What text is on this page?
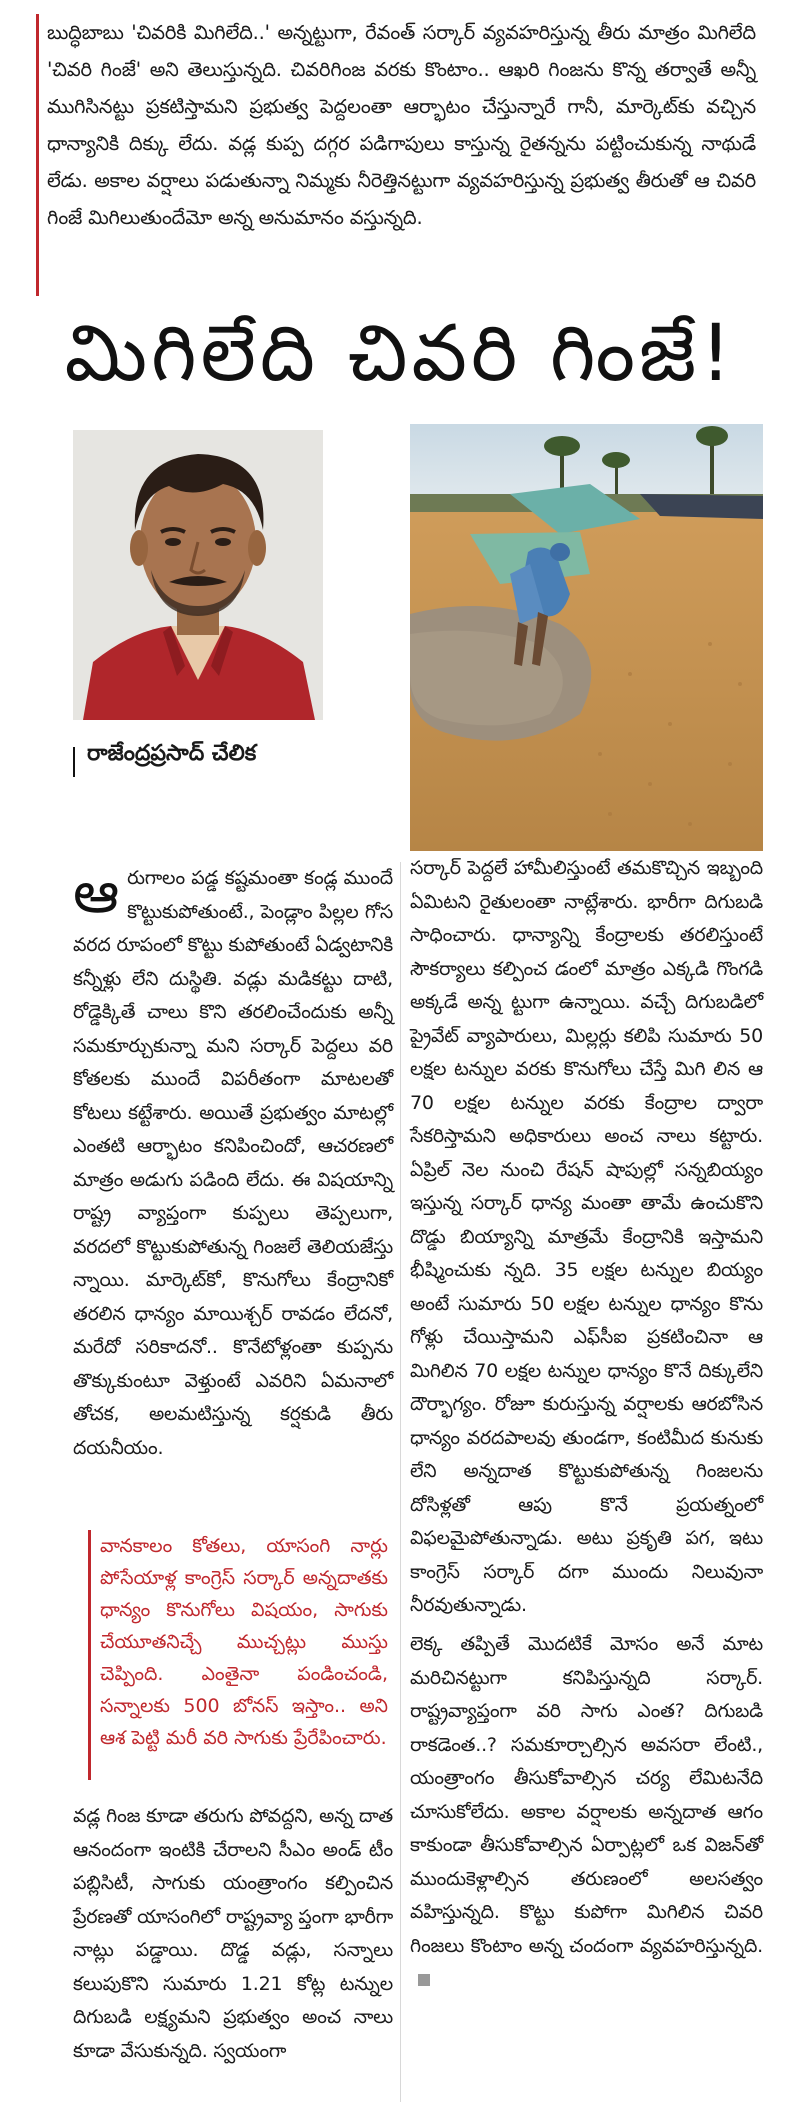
బుద్ధిబాబు 'చివరికి మిగిలేది..' అన్నట్టుగా, రేవంత్‌ సర్కార్‌ వ్యవహరిస్తున్న తీరు మాత్రం మిగిలేది 'చివరి గింజే' అని తెలుస్తున్నది. చివరిగింజ వరకు కొంటాం.. ఆఖరి గింజను కొన్న తర్వాతే అన్నీ ముగిసినట్టు ప్రకటిస్తామని ప్రభుత్వ పెద్దలంతా ఆర్భాటం చేస్తున్నారే గానీ, మార్కెట్‌కు వచ్చిన ధాన్యానికి దిక్కు లేదు. వడ్ల కుప్ప దగ్గర పడిగాపులు కాస్తున్న రైతన్నను పట్టించుకున్న నాథుడే లేడు. అకాల వర్షాలు పడుతున్నా నిమ్మకు నీరెత్తినట్టుగా వ్యవహరిస్తున్న ప్రభుత్వ తీరుతో ఆ చివరి గింజే మిగిలుతుందేమో అన్న అనుమానం వస్తున్నది.

మిగిలేది చివరి గింజే!
రాజేంద్రప్రసాద్‌ చేలిక

ఆరుగాలం పడ్డ కష్టమంతా కండ్ల ముందే కొట్టుకుపోతుంటే., పెండ్లాం పిల్లల గోస వరద రూపంలో కొట్టు కుపోతుంటే ఏడ్వటానికి కన్నీళ్లు లేని దుస్థితి. వడ్లు మడికట్టు దాటి, రోడ్డెక్కితే చాలు కొని తరలించేందుకు అన్నీ సమకూర్చుకున్నా మని సర్కార్‌ పెద్దలు వరి కోతలకు ముందే విపరీతంగా మాటలతో కోటలు కట్టేశారు. అయితే ప్రభుత్వం మాటల్లో ఎంతటి ఆర్భాటం కనిపించిందో, ఆచరణలో మాత్రం అడుగు పడింది లేదు. ఈ విషయాన్ని రాష్ట్ర వ్యాప్తంగా కుప్పలు తెప్పలుగా, వరదలో కొట్టుకుపోతున్న గింజలే తెలియజేస్తు న్నాయి. మార్కెట్‌కో, కొనుగోలు కేంద్రానికో తరలిన ధాన్యం మాయిశ్చర్‌ రావడం లేదనో, మరేదో సరికాదనో.. కొనేటోళ్లంతా కుప్పను తొక్కుకుంటూ వెళ్తుంటే ఎవరిని ఏమనాలో తోచక, అలమటిస్తున్న కర్షకుడి తీరు దయనీయం.

వానకాలం కోతలు, యాసంగి నార్లు పోసేయాళ్ల కాంగ్రెస్‌ సర్కార్‌ అన్నదాతకు ధాన్యం కొనుగోలు విషయం, సాగుకు చేయూతనిచ్చే ముచ్చట్లు ముస్తు చెప్పింది. ఎంతైనా పండించండి, సన్నాలకు 500 బోనస్‌ ఇస్తాం.. అని ఆశ పెట్టి మరీ వరి సాగుకు ప్రేరేపించారు.

వడ్ల గింజ కూడా తరుగు పోవద్దని, అన్న దాత ఆనందంగా ఇంటికి చేరాలని సీఎం అండ్‌ టీం పబ్లిసిటీ, సాగుకు యంత్రాంగం కల్పించిన ప్రేరణతో యాసంగిలో రాష్ట్రవ్యా ప్తంగా భారీగా నాట్లు పడ్డాయి. దొడ్డ వడ్లు, సన్నాలు కలుపుకొని సుమారు 1.21 కోట్ల టన్నుల దిగుబడి లక్ష్యమని ప్రభుత్వం అంచ నాలు కూడా వేసుకున్నది. స్వయంగా

సర్కార్‌ పెద్దలే హామీలిస్తుంటే తమకొచ్చిన ఇబ్బంది ఏమిటని రైతులంతా నాట్లేశారు. భారీగా దిగుబడి సాధించారు. ధాన్యాన్ని కేంద్రాలకు తరలిస్తుంటే సౌకర్యాలు కల్పించ డంలో మాత్రం ఎక్కడి గొంగడి అక్కడే అన్న ట్టుగా ఉన్నాయి. వచ్చే దిగుబడిలో ప్రైవేట్‌ వ్యాపారులు, మిల్లర్లు కలిపి సుమారు 50 లక్షల టన్నుల వరకు కొనుగోలు చేస్తే మిగి లిన ఆ 70 లక్షల టన్నుల వరకు కేంద్రాల ద్వారా సేకరిస్తామని అధికారులు అంచ నాలు కట్టారు. ఏప్రిల్‌ నెల నుంచి రేషన్‌ షాపుల్లో సన్నబియ్యం ఇస్తున్న సర్కార్‌ ధాన్య మంతా తామే ఉంచుకొని దొడ్డు బియ్యాన్ని మాత్రమే కేంద్రానికి ఇస్తామని భీష్మించుకు న్నది. 35 లక్షల టన్నుల బియ్యం అంటే సుమారు 50 లక్షల టన్నుల ధాన్యం కొను గోళ్లు చేయిస్తామని ఎఫ్‌సీఐ ప్రకటించినా ఆ మిగిలిన 70 లక్షల టన్నుల ధాన్యం కొనే దిక్కులేని దౌర్భాగ్యం. రోజూ కురుస్తున్న వర్షాలకు ఆరబోసిన ధాన్యం వరదపాలవు తుండగా, కంటిమీద కునుకు లేని అన్నదాత కొట్టుకుపోతున్న గింజలను దోసిళ్లతో ఆపు కొనే ప్రయత్నంలో విఫలమైపోతున్నాడు. అటు ప్రకృతి పగ, ఇటు కాంగ్రెస్‌ సర్కార్‌ దగా ముందు నిలువునా నీరవుతున్నాడు.

లెక్క తప్పితే మొదటికే మోసం అనే మాట మరిచినట్టుగా కనిపిస్తున్నది సర్కార్‌. రాష్ట్రవ్యాప్తంగా వరి సాగు ఎంత? దిగుబడి రాకడెంత..? సమకూర్చాల్సిన అవసరా లేంటి., యంత్రాంగం తీసుకోవాల్సిన చర్య లేమిటనేది చూసుకోలేదు. అకాల వర్షాలకు అన్నదాత ఆగం కాకుండా తీసుకోవాల్సిన ఏర్పాట్లలో ఒక విజన్‌తో ముందుకెళ్లాల్సిన తరుణంలో అలసత్వం వహిస్తున్నది. కొట్టు కుపోగా మిగిలిన చివరి గింజలు కొంటాం అన్న చందంగా వ్యవహరిస్తున్నది.
